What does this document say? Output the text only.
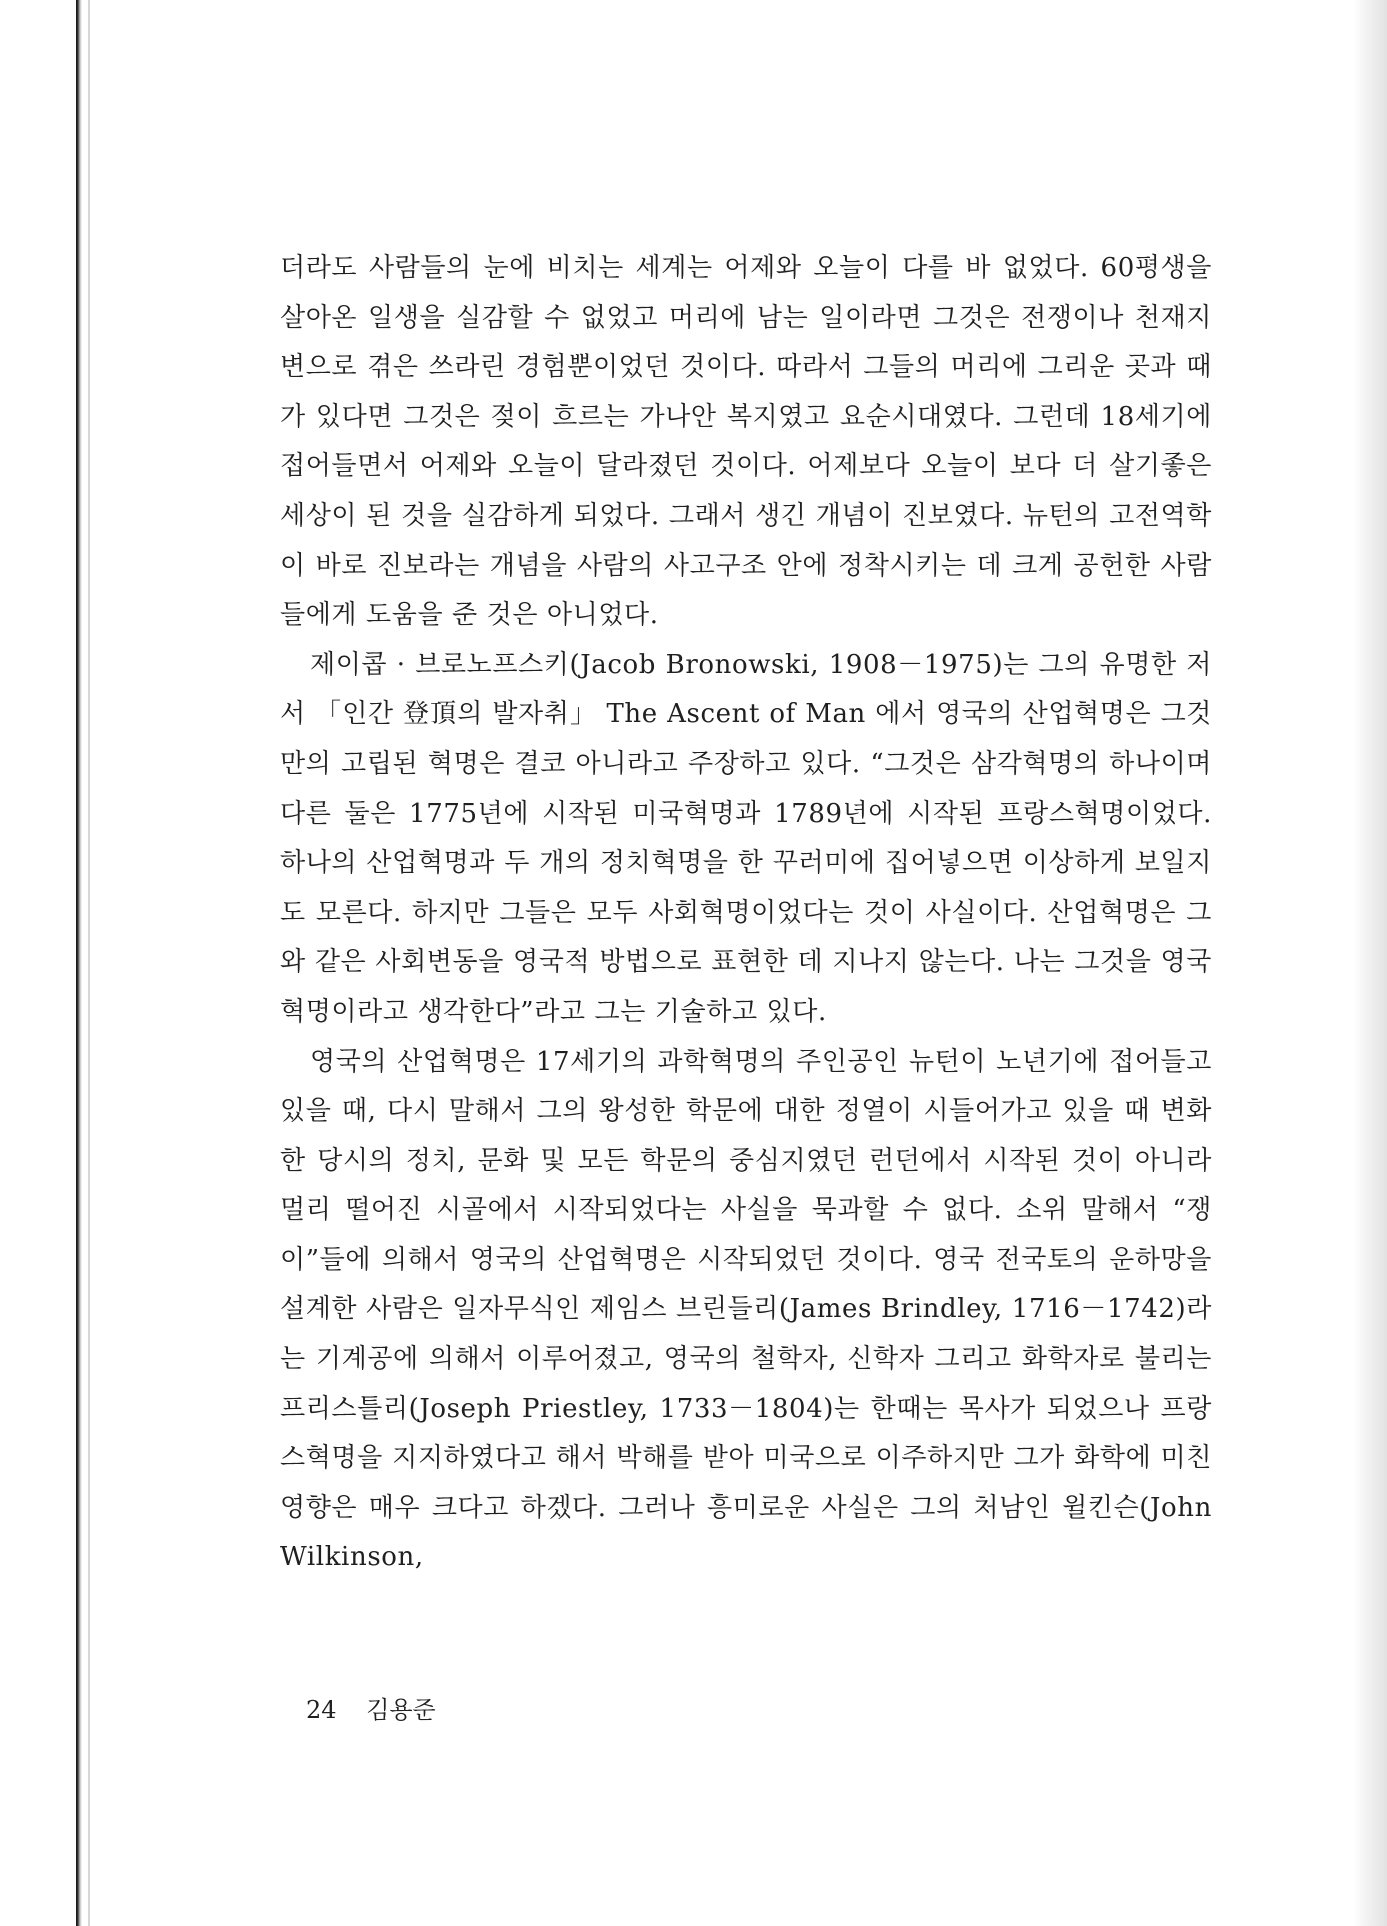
더라도 사람들의 눈에 비치는 세계는 어제와 오늘이 다를 바 없었다. 60평생을 살아온 일생을 실감할 수 없었고 머리에 남는 일이라면 그것은 전쟁이나 천재지변으로 겪은 쓰라린 경험뿐이었던 것이다. 따라서 그들의 머리에 그리운 곳과 때가 있다면 그것은 젖이 흐르는 가나안 복지였고 요순시대였다. 그런데 18세기에 접어들면서 어제와 오늘이 달라졌던 것이다. 어제보다 오늘이 보다 더 살기좋은 세상이 된 것을 실감하게 되었다. 그래서 생긴 개념이 진보였다. 뉴턴의 고전역학이 바로 진보라는 개념을 사람의 사고구조 안에 정착시키는 데 크게 공헌한 사람들에게 도움을 준 것은 아니었다.

제이콥 · 브로노프스키(Jacob Bronowski, 1908－1975)는 그의 유명한 저서 「인간 登頂의 발자취」 The Ascent of Man 에서 영국의 산업혁명은 그것만의 고립된 혁명은 결코 아니라고 주장하고 있다. “그것은 삼각혁명의 하나이며 다른 둘은 1775년에 시작된 미국혁명과 1789년에 시작된 프랑스혁명이었다. 하나의 산업혁명과 두 개의 정치혁명을 한 꾸러미에 집어넣으면 이상하게 보일지도 모른다. 하지만 그들은 모두 사회혁명이었다는 것이 사실이다. 산업혁명은 그와 같은 사회변동을 영국적 방법으로 표현한 데 지나지 않는다. 나는 그것을 영국혁명이라고 생각한다”라고 그는 기술하고 있다.

영국의 산업혁명은 17세기의 과학혁명의 주인공인 뉴턴이 노년기에 접어들고 있을 때, 다시 말해서 그의 왕성한 학문에 대한 정열이 시들어가고 있을 때 변화한 당시의 정치, 문화 및 모든 학문의 중심지였던 런던에서 시작된 것이 아니라 멀리 떨어진 시골에서 시작되었다는 사실을 묵과할 수 없다. 소위 말해서 “쟁이”들에 의해서 영국의 산업혁명은 시작되었던 것이다. 영국 전국토의 운하망을 설계한 사람은 일자무식인 제임스 브린들리(James Brindley, 1716－1742)라는 기계공에 의해서 이루어졌고, 영국의 철학자, 신학자 그리고 화학자로 불리는 프리스틀리(Joseph Priestley, 1733－1804)는 한때는 목사가 되었으나 프랑스혁명을 지지하였다고 해서 박해를 받아 미국으로 이주하지만 그가 화학에 미친 영향은 매우 크다고 하겠다. 그러나 흥미로운 사실은 그의 처남인 윌킨슨(John Wilkinson,

24 김용준
